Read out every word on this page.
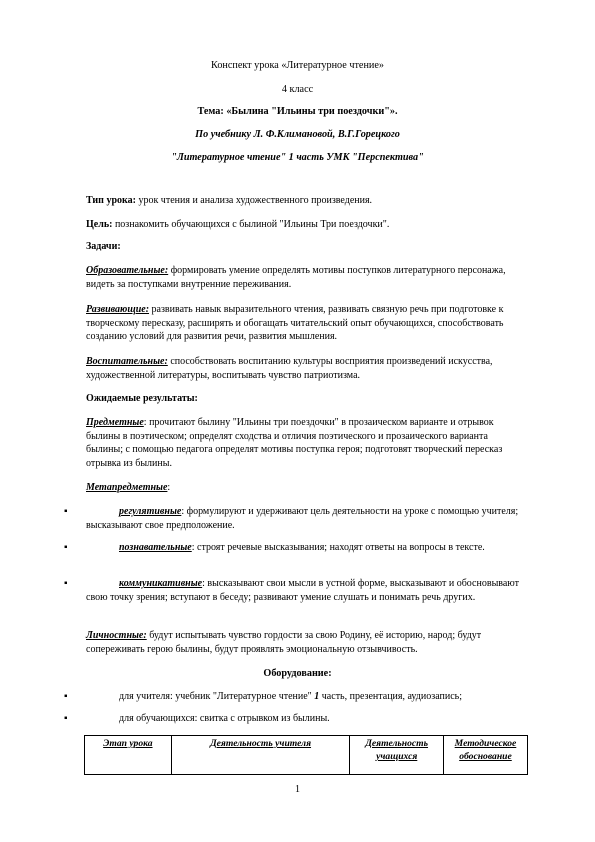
Конспект урока «Литературное чтение»

4 класс

Тема: «Былина "Ильины три поездочки"».

По учебнику Л. Ф.Климановой, В.Г.Горецкого

"Литературное чтение" 1 часть УМК "Перспектива"

Тип урока: урок чтения и анализа художественного произведения.

Цель: познакомить обучающихся с былиной "Ильины Три поездочки".

Задачи:

Образовательные: формировать умение определять мотивы поступков литературного персонажа, видеть за поступками внутренние переживания.

Развивающие: развивать навык выразительного чтения, развивать связную речь при подготовке к творческому пересказу, расширять и обогащать читательский опыт обучающихся, способствовать созданию условий для развития речи, развития мышления.

Воспитательные: способствовать воспитанию культуры восприятия произведений искусства, художественной литературы, воспитывать чувство патриотизма.

Ожидаемые результаты:

Предметные: прочитают былину "Ильины три поездочки" в прозаическом варианте и отрывок былины в поэтическом; определят сходства и отличия поэтического и прозаического варианта былины; с помощью педагога определят мотивы поступка героя; подготовят творческий пересказ отрывка из былины.

Метапредметные:

▪	регулятивные: формулируют и удерживают цель деятельности на уроке с помощью учителя; высказывают свое предположение.

▪	познавательные: строят речевые высказывания; находят ответы на вопросы в тексте.

▪	коммуникативные: высказывают свои мысли в устной форме, высказывают и обосновывают свою точку зрения; вступают в беседу; развивают умение слушать и понимать речь других.

Личностные: будут испытывать чувство гордости за свою Родину, её историю, народ; будут сопереживать герою былины, будут проявлять эмоциональную отзывчивость.

Оборудование:

▪	для учителя: учебник "Литературное чтение" 1 часть, презентация, аудиозапись;

▪	для обучающихся: свитка с отрывком из былины.

Этап урока	Деятельность учителя	Деятельность учащихся	Методическое обоснование
1
